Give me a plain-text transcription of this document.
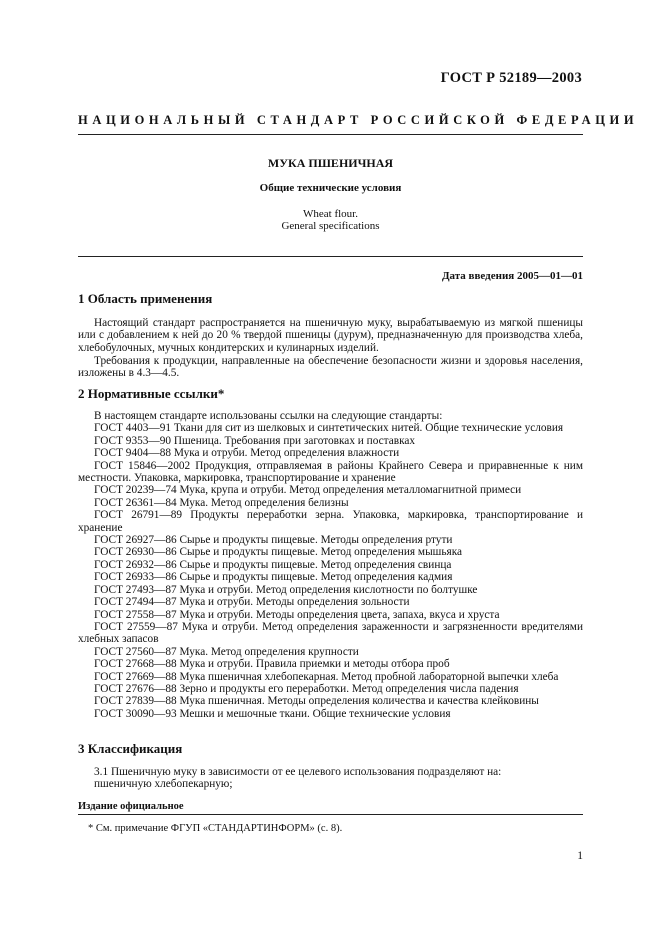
ГОСТ Р 52189—2003
НАЦИОНАЛЬНЫЙ СТАНДАРТ РОССИЙСКОЙ ФЕДЕРАЦИИ
МУКА ПШЕНИЧНАЯ
Общие технические условия
Wheat flour.
General specifications
Дата введения 2005—01—01
1 Область применения
Настоящий стандарт распространяется на пшеничную муку, вырабатываемую из мягкой пшеницы или с добавлением к ней до 20 % твердой пшеницы (дурум), предназначенную для производства хлеба, хлебобулочных, мучных кондитерских и кулинарных изделий.
Требования к продукции, направленные на обеспечение безопасности жизни и здоровья населения, изложены в 4.3—4.5.
2 Нормативные ссылки*
В настоящем стандарте использованы ссылки на следующие стандарты:
ГОСТ 4403—91 Ткани для сит из шелковых и синтетических нитей. Общие технические условия
ГОСТ 9353—90 Пшеница. Требования при заготовках и поставках
ГОСТ 9404—88 Мука и отруби. Метод определения влажности
ГОСТ 15846—2002 Продукция, отправляемая в районы Крайнего Севера и приравненные к ним местности. Упаковка, маркировка, транспортирование и хранение
ГОСТ 20239—74 Мука, крупа и отруби. Метод определения металломагнитной примеси
ГОСТ 26361—84 Мука. Метод определения белизны
ГОСТ 26791—89 Продукты переработки зерна. Упаковка, маркировка, транспортирование и хранение
ГОСТ 26927—86 Сырье и продукты пищевые. Методы определения ртути
ГОСТ 26930—86 Сырье и продукты пищевые. Метод определения мышьяка
ГОСТ 26932—86 Сырье и продукты пищевые. Метод определения свинца
ГОСТ 26933—86 Сырье и продукты пищевые. Метод определения кадмия
ГОСТ 27493—87 Мука и отруби. Метод определения кислотности по болтушке
ГОСТ 27494—87 Мука и отруби. Методы определения зольности
ГОСТ 27558—87 Мука и отруби. Методы определения цвета, запаха, вкуса и хруста
ГОСТ 27559—87 Мука и отруби. Метод определения зараженности и загрязненности вредителями хлебных запасов
ГОСТ 27560—87 Мука. Метод определения крупности
ГОСТ 27668—88 Мука и отруби. Правила приемки и методы отбора проб
ГОСТ 27669—88 Мука пшеничная хлебопекарная. Метод пробной лабораторной выпечки хлеба
ГОСТ 27676—88 Зерно и продукты его переработки. Метод определения числа падения
ГОСТ 27839—88 Мука пшеничная. Методы определения количества и качества клейковины
ГОСТ 30090—93 Мешки и мешочные ткани. Общие технические условия
3 Классификация
3.1 Пшеничную муку в зависимости от ее целевого использования подразделяют на:
пшеничную хлебопекарную;
Издание официальное
* См. примечание ФГУП «СТАНДАРТИНФОРМ» (с. 8).
1
